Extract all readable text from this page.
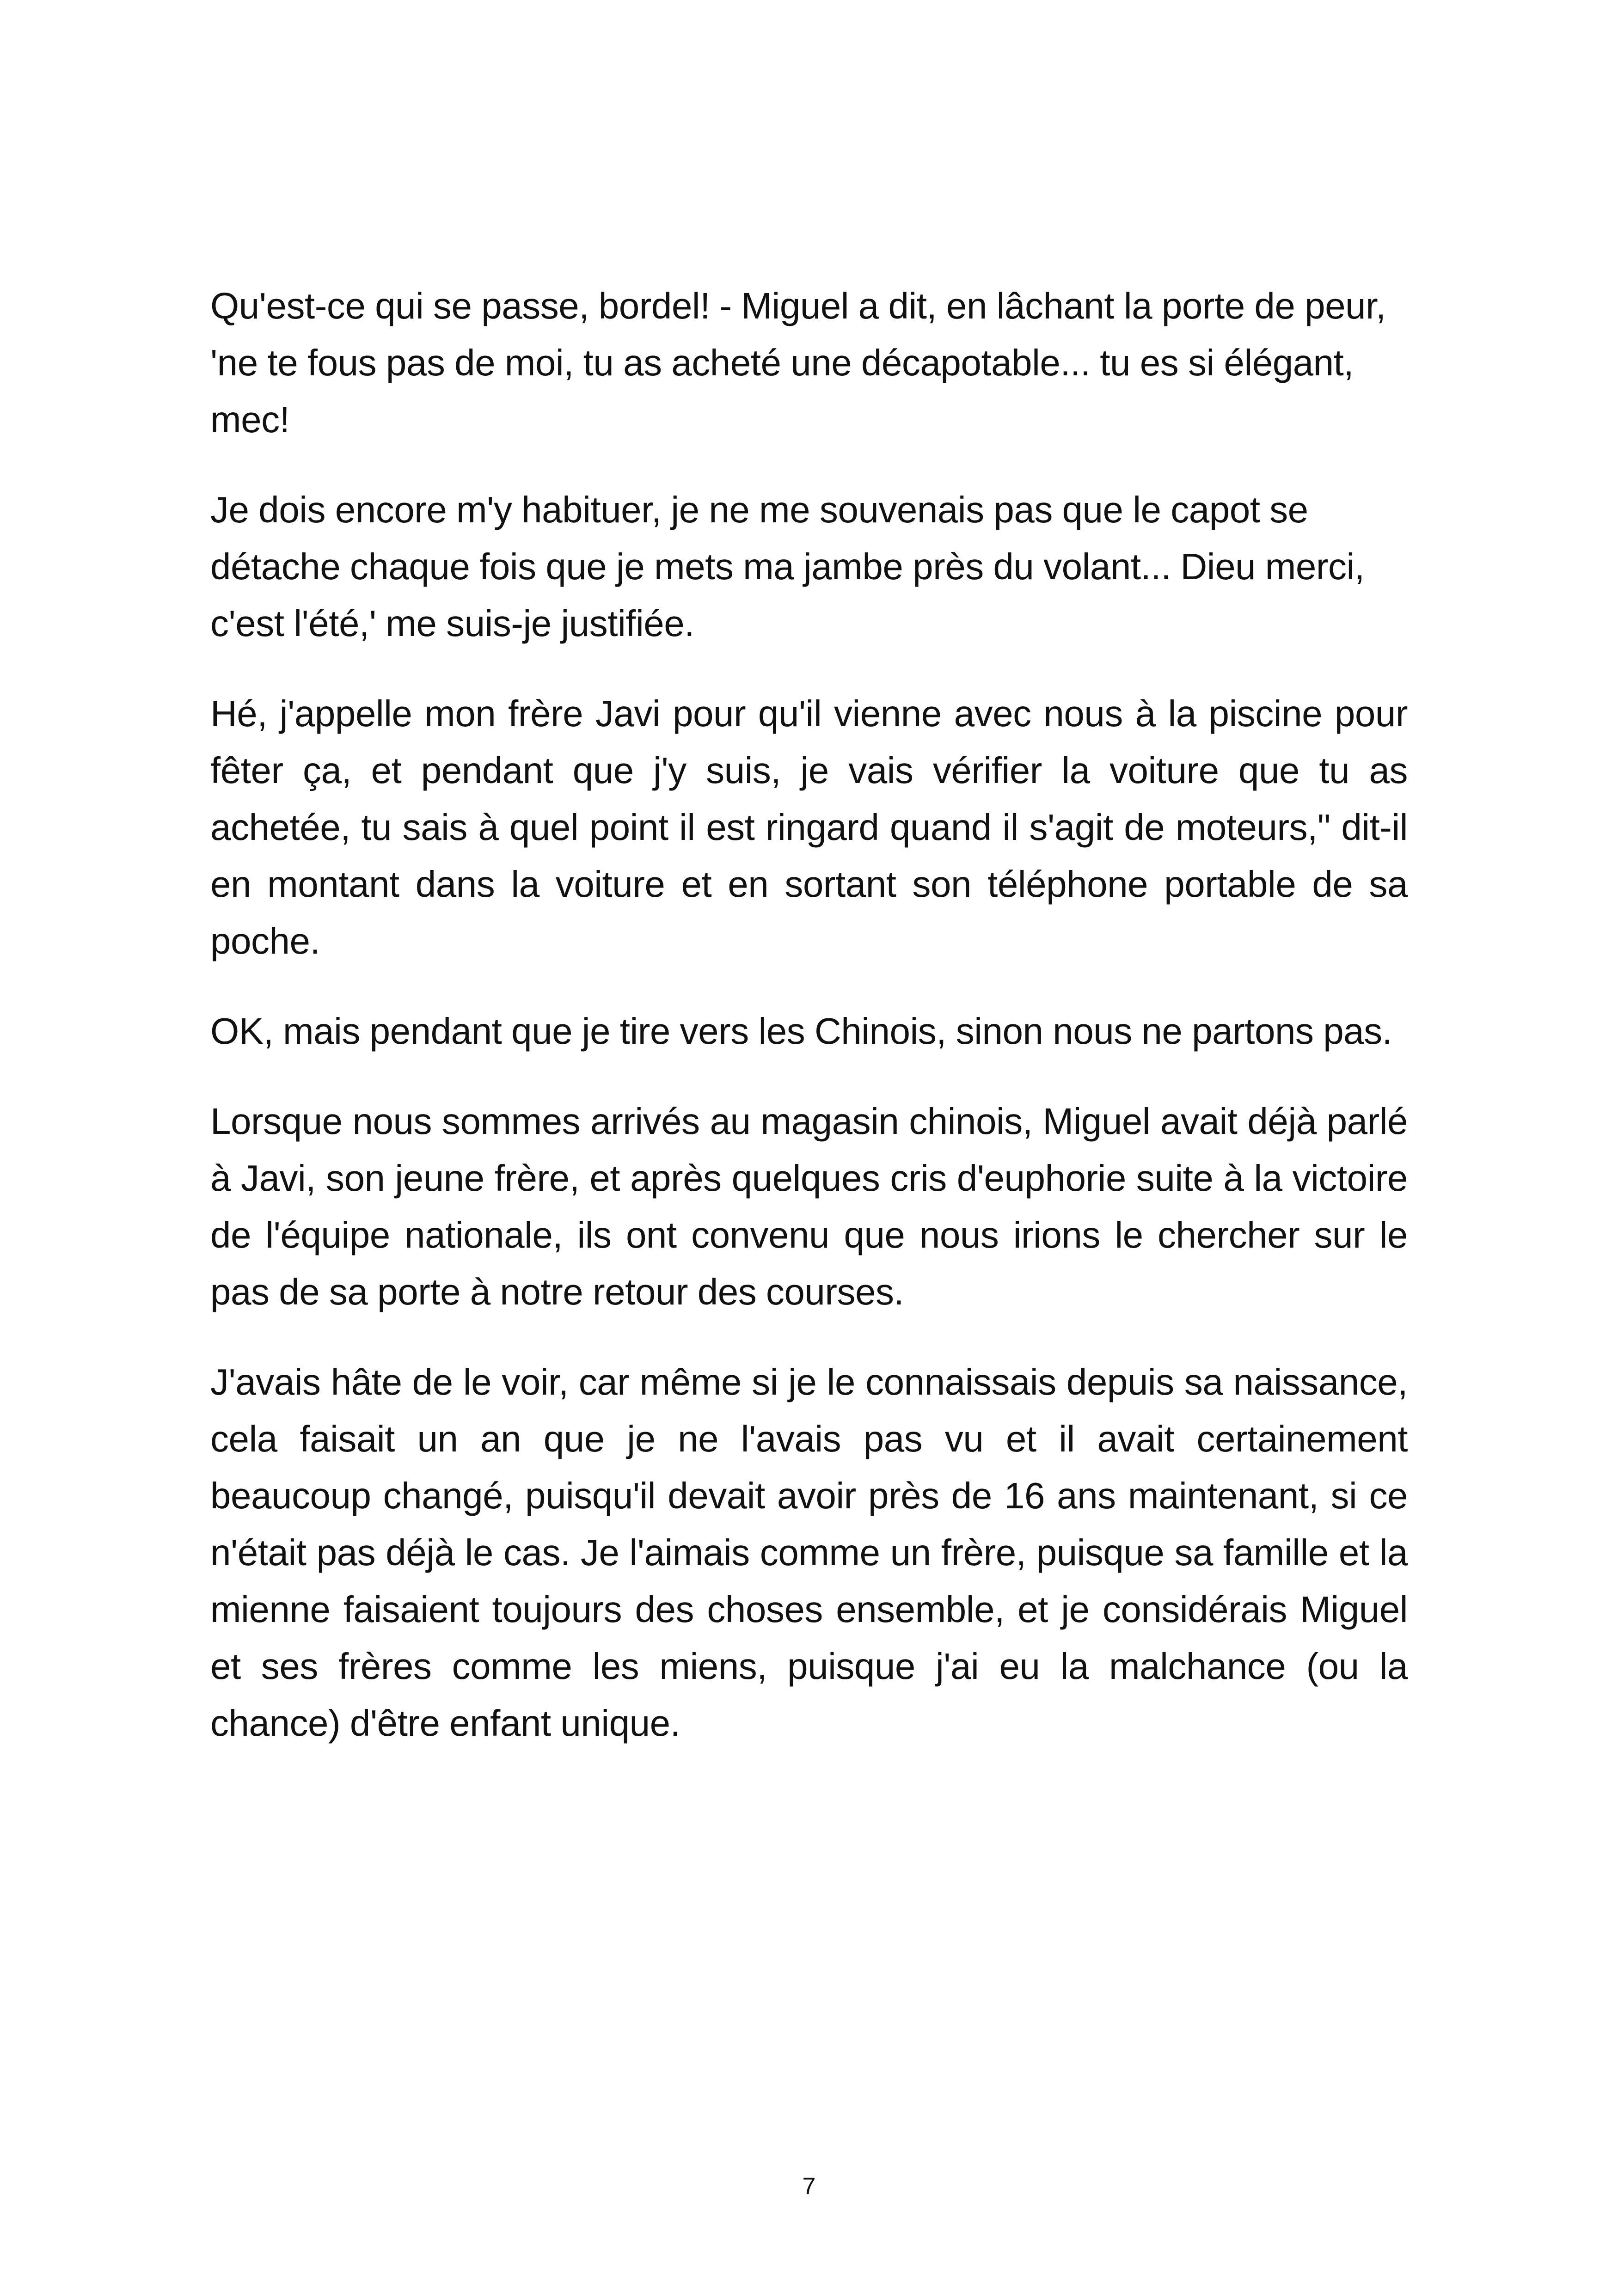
Qu'est-ce qui se passe, bordel! - Miguel a dit, en lâchant la porte de peur, 'ne te fous pas de moi, tu as acheté une décapotable... tu es si élégant, mec!

Je dois encore m'y habituer, je ne me souvenais pas que le capot se détache chaque fois que je mets ma jambe près du volant... Dieu merci, c'est l'été,' me suis-je justifiée.

Hé, j'appelle mon frère Javi pour qu'il vienne avec nous à la piscine pour fêter ça, et pendant que j'y suis, je vais vérifier la voiture que tu as achetée, tu sais à quel point il est ringard quand il s'agit de moteurs," dit-il en montant dans la voiture et en sortant son téléphone portable de sa poche.

OK, mais pendant que je tire vers les Chinois, sinon nous ne partons pas.

Lorsque nous sommes arrivés au magasin chinois, Miguel avait déjà parlé à Javi, son jeune frère, et après quelques cris d'euphorie suite à la victoire de l'équipe nationale, ils ont convenu que nous irions le chercher sur le pas de sa porte à notre retour des courses.

J'avais hâte de le voir, car même si je le connaissais depuis sa naissance, cela faisait un an que je ne l'avais pas vu et il avait certainement beaucoup changé, puisqu'il devait avoir près de 16 ans maintenant, si ce n'était pas déjà le cas. Je l'aimais comme un frère, puisque sa famille et la mienne faisaient toujours des choses ensemble, et je considérais Miguel et ses frères comme les miens, puisque j'ai eu la malchance (ou la chance) d'être enfant unique.

7
